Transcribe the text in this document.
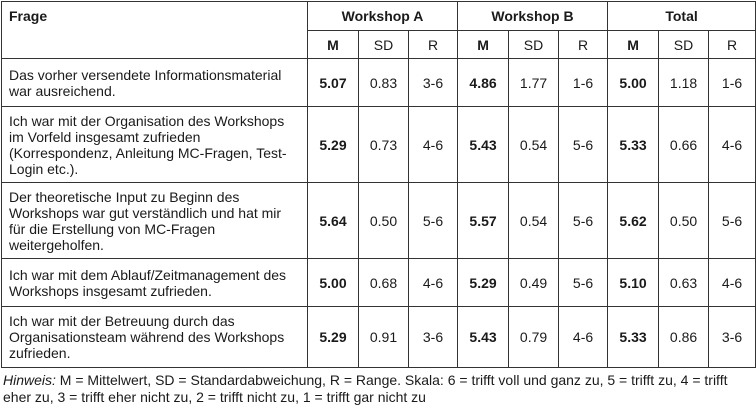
Frage	Workshop A			Workshop B			Total		
	M	SD	R	M	SD	R	M	SD	R
Das vorher versendete Informationsmaterial war ausreichend.	5.07	0.83	3-6	4.86	1.77	1-6	5.00	1.18	1-6
Ich war mit der Organisation des Workshops im Vorfeld insgesamt zufrieden (Korrespondenz, Anleitung MC-Fragen, Test-Login etc.).	5.29	0.73	4-6	5.43	0.54	5-6	5.33	0.66	4-6
Der theoretische Input zu Beginn des Workshops war gut verständlich und hat mir für die Erstellung von MC-Fragen weitergeholfen.	5.64	0.50	5-6	5.57	0.54	5-6	5.62	0.50	5-6
Ich war mit dem Ablauf/Zeitmanagement des Workshops insgesamt zufrieden.	5.00	0.68	4-6	5.29	0.49	5-6	5.10	0.63	4-6
Ich war mit der Betreuung durch das Organisationsteam während des Workshops zufrieden.	5.29	0.91	3-6	5.43	0.79	4-6	5.33	0.86	3-6
Hinweis: M = Mittelwert, SD = Standardabweichung, R = Range. Skala: 6 = trifft voll und ganz zu, 5 = trifft zu, 4 = trifft eher zu, 3 = trifft eher nicht zu, 2 = trifft nicht zu, 1 = trifft gar nicht zu
